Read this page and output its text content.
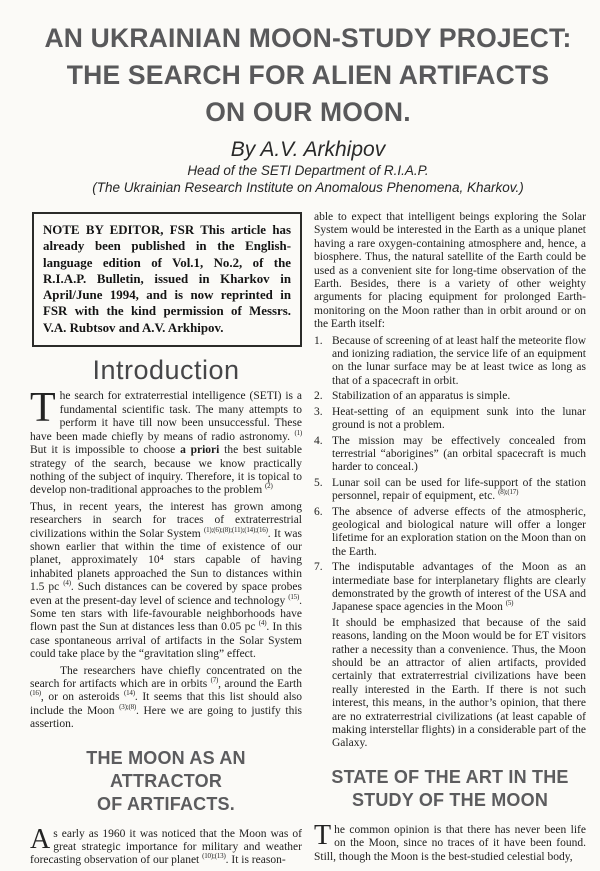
AN UKRAINIAN MOON-STUDY PROJECT:
THE SEARCH FOR ALIEN ARTIFACTS
ON OUR MOON.
By A.V. Arkhipov
Head of the SETI Department of R.I.A.P.
(The Ukrainian Research Institute on Anomalous Phenomena, Kharkov.)
NOTE BY EDITOR, FSR This article has already been published in the English-language edition of Vol.1, No.2, of the R.I.A.P. Bulletin, issued in Kharkov in April/June 1994, and is now reprinted in FSR with the kind permission of Messrs. V.A. Rubtsov and A.V. Arkhipov.
Introduction

The search for extraterrestial intelligence (SETI) is a fundamental scientific task. The many attempts to perform it have till now been unsuccessful. These have been made chiefly by means of radio astronomy. $^{(1)}$ But it is impossible to choose a priori the best suitable strategy of the search, because we know practically nothing of the subject of inquiry. Therefore, it is topical to develop non-traditional approaches to the problem $^{(2)}$

Thus, in recent years, the interest has grown among researchers in search for traces of extraterrestrial civilizations within the Solar System $^{(1);(6);(8);(11);(14);(16)}$. It was shown earlier that within the time of existence of our planet, approximately 10⁴ stars capable of having inhabited planets approached the Sun to distances within 1.5 pc $^{(4)}$. Such distances can be covered by space probes even at the present-day level of science and technology $^{(15)}$. Some ten stars with life-favourable neighborhoods have flown past the Sun at distances less than 0.05 pc $^{(4)}$. In this case spontaneous arrival of artifacts in the Solar System could take place by the “gravitation sling” effect.

The researchers have chiefly concentrated on the search for artifacts which are in orbits $^{(7)}$, around the Earth $^{(16)}$, or on asteroids $^{(14)}$. It seems that this list should also include the Moon $^{(3);(8)}$. Here we are going to justify this assertion.

THE MOON AS AN ATTRACTOR
OF ARTIFACTS.

As early as 1960 it was noticed that the Moon was of great strategic importance for military and weather forecasting observation of our planet $^{(10);(13)}$. It is reason-

able to expect that intelligent beings exploring the Solar System would be interested in the Earth as a unique planet having a rare oxygen-containing atmosphere and, hence, a biosphere. Thus, the natural satellite of the Earth could be used as a convenient site for long-time observation of the Earth. Besides, there is a variety of other weighty arguments for placing equipment for prolonged Earth-monitoring on the Moon rather than in orbit around or on the Earth itself:

1. Because of screening of at least half the meteorite flow and ionizing radiation, the service life of an equipment on the lunar surface may be at least twice as long as that of a spacecraft in orbit.
2. Stabilization of an apparatus is simple.
3. Heat-setting of an equipment sunk into the lunar ground is not a problem.
4. The mission may be effectively concealed from terrestrial “aborigines” (an orbital spacecraft is much harder to conceal.)
5. Lunar soil can be used for life-support of the station personnel, repair of equipment, etc. $^{(8);(17)}$
6. The absence of adverse effects of the atmospheric, geological and biological nature will offer a longer lifetime for an exploration station on the Moon than on the Earth.
7. The indisputable advantages of the Moon as an intermediate base for interplanetary flights are clearly demonstrated by the growth of interest of the USA and Japanese space agencies in the Moon $^{(5)}$

It should be emphasized that because of the said reasons, landing on the Moon would be for ET visitors rather a necessity than a convenience. Thus, the Moon should be an attractor of alien artifacts, provided certainly that extraterrestrial civilizations have been really interested in the Earth. If there is not such interest, this means, in the author’s opinion, that there are no extraterrestrial civilizations (at least capable of making interstellar flights) in a considerable part of the Galaxy.

STATE OF THE ART IN THE
STUDY OF THE MOON

The common opinion is that there has never been life on the Moon, since no traces of it have been found. Still, though the Moon is the best-studied celestial body,
